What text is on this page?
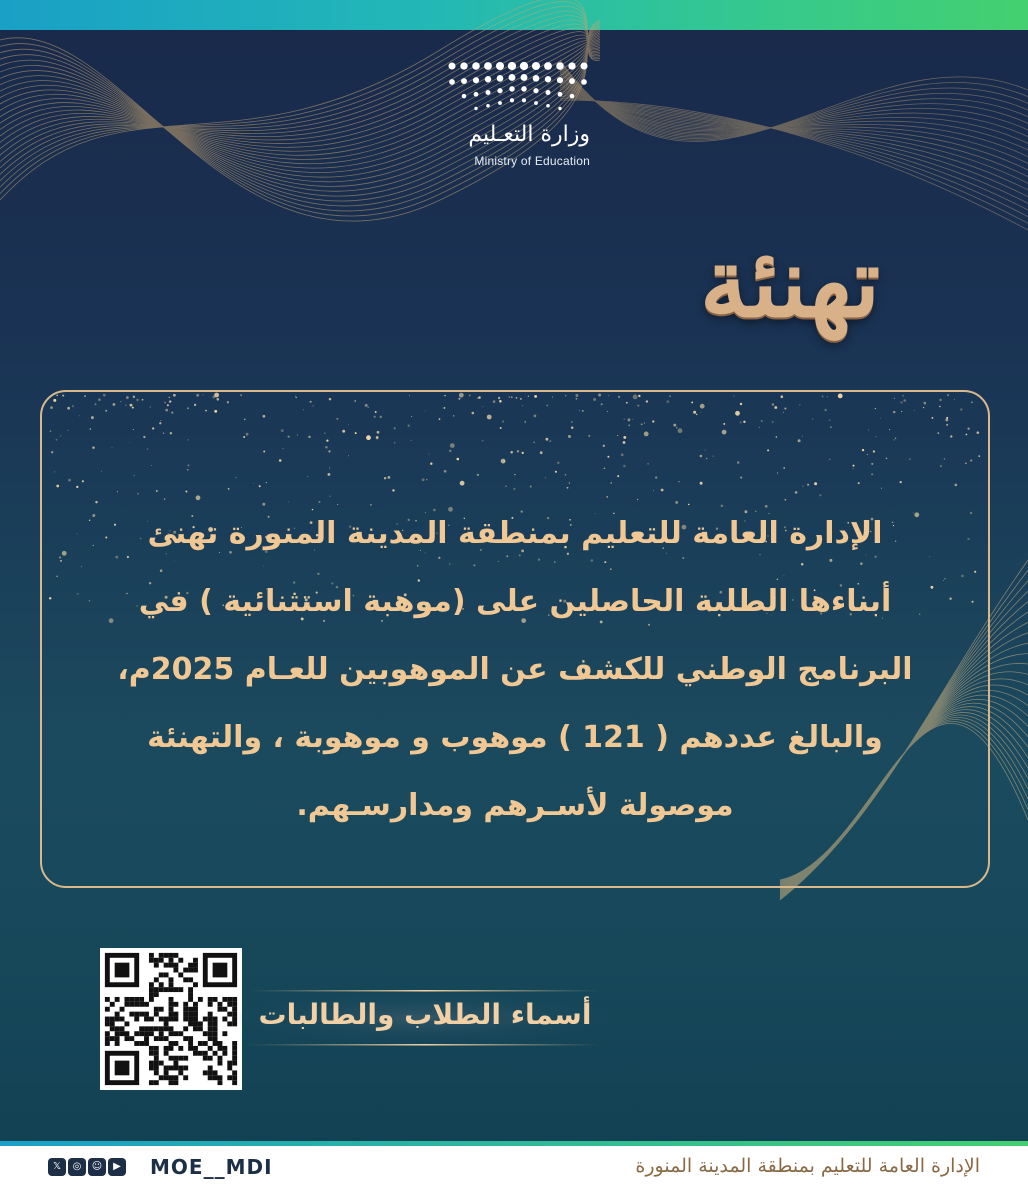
وزارة التعـليم
Ministry of Education
تهنئة
الإدارة العامة للتعليم بمنطقة المدينة المنورة تهنئ
أبناءها الطلبة الحاصلين على (موهبة استثنائية ) في
البرنامج الوطني للكشف عن الموهوبين للعـام 2025م،
والبالغ عددهم ( 121 ) موهوب و موهوبة ، والتهنئة
موصولة لأسـرهم ومدارسـهم.
أسماء الطلاب والطالبات
𝕏	◎	☺	▶ MOE__MDI	الإدارة العامة للتعليم بمنطقة المدينة المنورة
